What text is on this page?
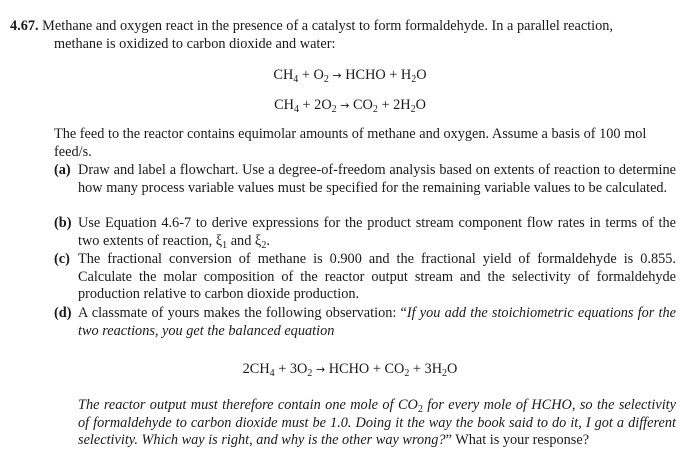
4.67. Methane and oxygen react in the presence of a catalyst to form formaldehyde. In a parallel reaction,
methane is oxidized to carbon dioxide and water:
$CH_4 + O_2$ → HCHO + $H_2O$
$CH_4 + 2O_2 \to CO_2 + 2H_2O$
The feed to the reactor contains equimolar amounts of methane and oxygen. Assume a basis of 100 mol
feed/s.
(a) Draw and label a flowchart. Use a degree-of-freedom analysis based on extents of reaction to determine how many process variable values must be specified for the remaining variable values to be calculated.
(b) Use Equation 4.6-7 to derive expressions for the product stream component flow rates in terms of the two extents of reaction, $\xi_1$ and $\xi_2$.
(c) The fractional conversion of methane is 0.900 and the fractional yield of formaldehyde is 0.855. Calculate the molar composition of the reactor output stream and the selectivity of formaldehyde production relative to carbon dioxide production.
(d) A classmate of yours makes the following observation: “If you add the stoichiometric equations for the two reactions, you get the balanced equation
$2CH_4 + 3O_2$ → HCHO + $CO_2 + 3H_2O$
The reactor output must therefore contain one mole of $CO_2$ for every mole of HCHO, so the selectivity of formaldehyde to carbon dioxide must be 1.0. Doing it the way the book said to do it, I got a different selectivity. Which way is right, and why is the other way wrong?” What is your response?
